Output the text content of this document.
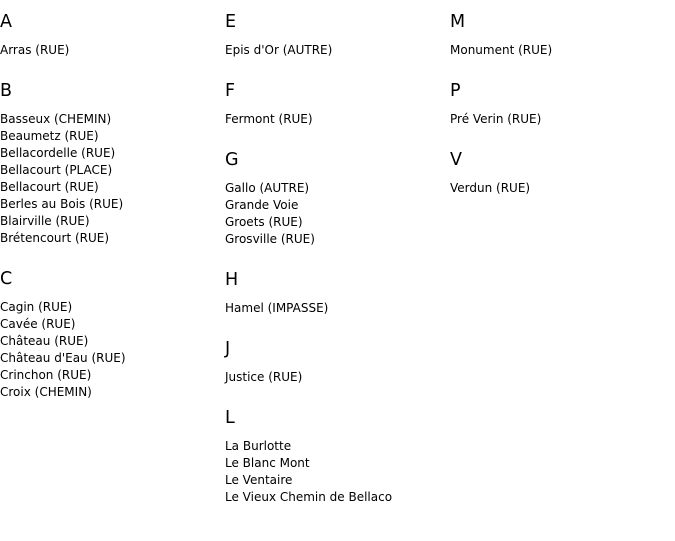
A
Arras (RUE)
B
Basseux (CHEMIN)
Beaumetz (RUE)
Bellacordelle (RUE)
Bellacourt (PLACE)
Bellacourt (RUE)
Berles au Bois (RUE)
Blairville (RUE)
Brétencourt (RUE)
C
Cagin (RUE)
Cavée (RUE)
Château (RUE)
Château d'Eau (RUE)
Crinchon (RUE)
Croix (CHEMIN)
E
Epis d'Or (AUTRE)
F
Fermont (RUE)
G
Gallo (AUTRE)
Grande Voie
Groets (RUE)
Grosville (RUE)
H
Hamel (IMPASSE)
J
Justice (RUE)
L
La Burlotte
Le Blanc Mont
Le Ventaire
Le Vieux Chemin de Bellaco
M
Monument (RUE)
P
Pré Verin (RUE)
V
Verdun (RUE)
